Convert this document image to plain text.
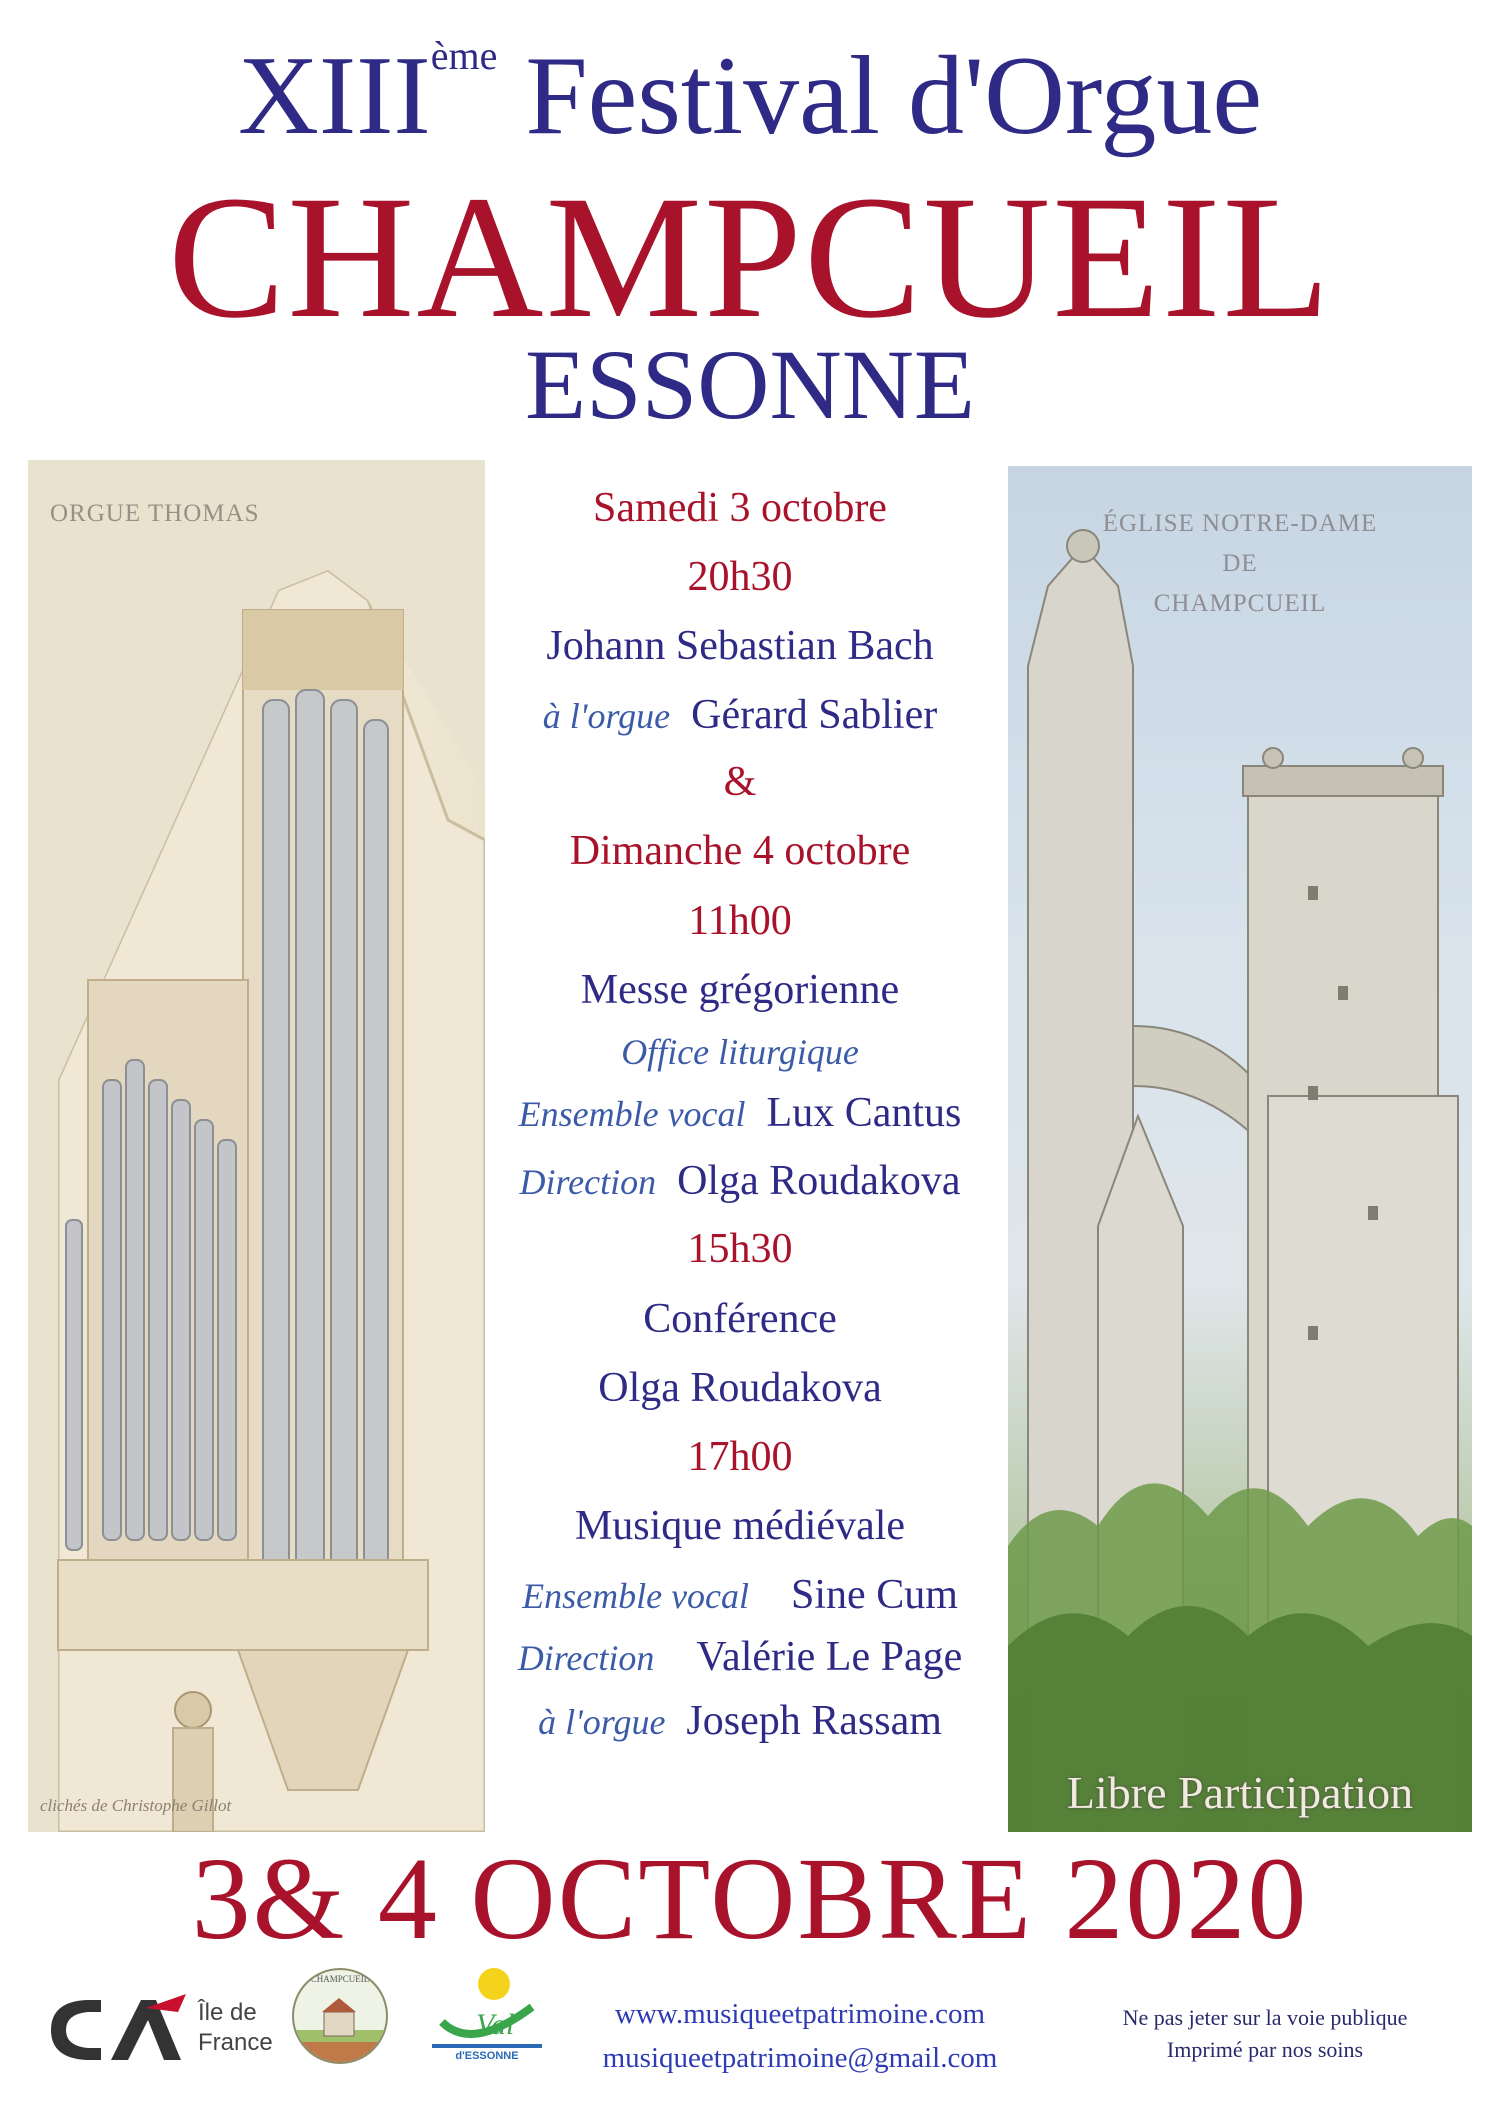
XIIIème Festival d'Orgue
CHAMPCUEIL
ESSONNE
ORGUE THOMAS
clichés de Christophe Gillot
ÉGLISE NOTRE-DAME
DE
CHAMPCUEIL
Libre Participation
Samedi 3 octobre
20h30
Johann Sebastian Bach
à l'orgue Gérard Sablier
&
Dimanche 4 octobre
11h00
Messe grégorienne
Office liturgique
Ensemble vocal Lux Cantus
Direction Olga Roudakova
15h30
Conférence
Olga Roudakova
17h00
Musique médiévale
Ensemble vocal Sine Cum
Direction Valérie Le Page
à l'orgue Joseph Rassam
3& 4 OCTOBRE 2020
Île de
France
CHAMPCUEIL
Val
d'ESSONNE
www.musiqueetpatrimoine.com
musiqueetpatrimoine@gmail.com
Ne pas jeter sur la voie publique
Imprimé par nos soins
